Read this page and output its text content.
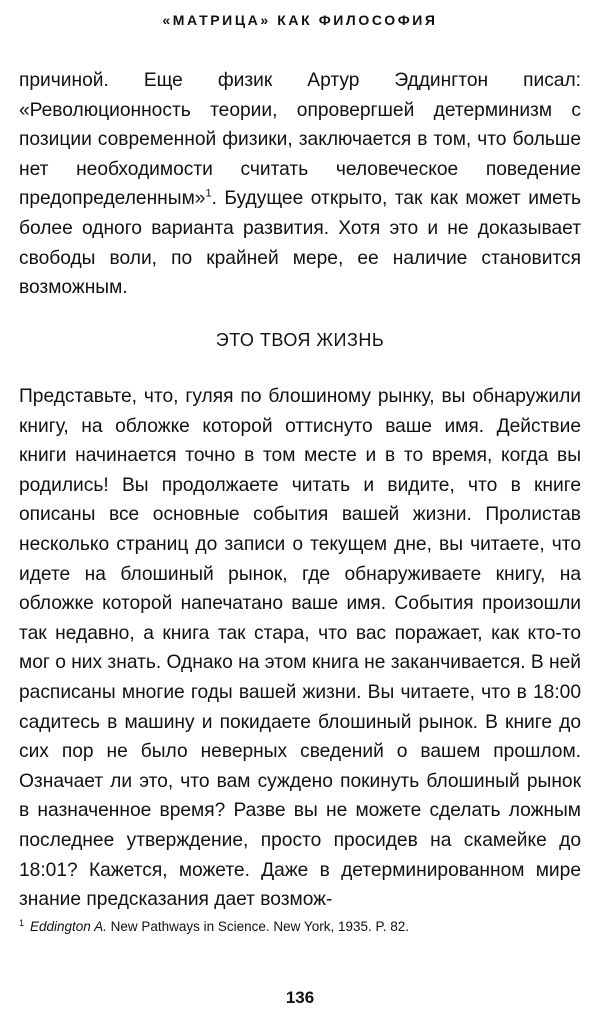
«МАТРИЦА» КАК ФИЛОСОФИЯ

причиной. Еще физик Артур Эддингтон писал: «Революционность теории, опровергшей детерминизм с позиции современной физики, заключается в том, что больше нет необходимости считать человеческое поведение предопределенным»$^1$. Будущее открыто, так как может иметь более одного варианта развития. Хотя это и не доказывает свободы воли, по крайней мере, ее наличие становится возможным.

ЭТО ТВОЯ ЖИЗНЬ

Представьте, что, гуляя по блошиному рынку, вы обнаружили книгу, на обложке которой оттиснуто ваше имя. Действие книги начинается точно в том месте и в то время, когда вы родились! Вы продолжаете читать и видите, что в книге описаны все основные события вашей жизни. Пролистав несколько страниц до записи о текущем дне, вы читаете, что идете на блошиный рынок, где обнаруживаете книгу, на обложке которой напечатано ваше имя. События произошли так недавно, а книга так стара, что вас поражает, как кто-то мог о них знать. Однако на этом книга не заканчивается. В ней расписаны многие годы вашей жизни. Вы читаете, что в 18:00 садитесь в машину и покидаете блошиный рынок. В книге до сих пор не было неверных сведений о вашем прошлом. Означает ли это, что вам суждено покинуть блошиный рынок в назначенное время? Разве вы не можете сделать ложным последнее утверждение, просто просидев на скамейке до 18:01? Кажется, можете. Даже в детерминированном мире знание предсказания дает возмож-

$^1$ Eddington A. New Pathways in Science. New York, 1935. P. 82.
136
